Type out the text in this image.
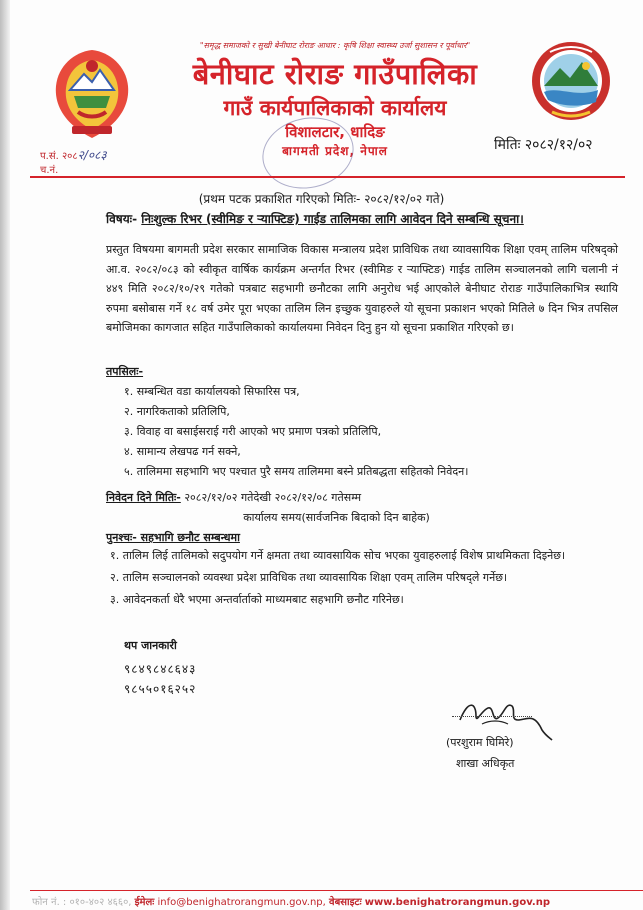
"समृद्ध समाजको र सुखी बेनीघाट रोराङ आधार : कृषि शिक्षा स्वास्थ्य उर्जा सुशासन र पूर्वाधार"
बेनीघाट रोराङ गाउँपालिका
गाउँ कार्यपालिकाको कार्यालय
विशालटार, धादिङ
बागमती प्रदेश, नेपाल
प.सं. २०८२/०८३
च.नं.
मितिः २०८२/१२/०२
(प्रथम पटक प्रकाशित गरिएको मितिः- २०८२/१२/०२ गते)
विषयः- निःशुल्क रिभर (स्वीमिङ र ऱ्याफ्टिङ) गाईड तालिमका लागि आवेदन दिने सम्बन्धि सूचना।

प्रस्तुत विषयमा बागमती प्रदेश सरकार सामाजिक विकास मन्त्रालय प्रदेश प्राविधिक तथा व्यावसायिक शिक्षा एवम् तालिम परिषद्को आ.व. २०८२/०८३ को स्वीकृत वार्षिक कार्यक्रम अन्तर्गत रिभर (स्वीमिङ र ऱ्याफ्टिङ) गाईड तालिम सञ्चालनको लागि चलानी नं ४४९ मिति २०८२/१०/२९ गतेको पत्रबाट सहभागी छनौटका लागि अनुरोध भई आएकोले बेनीघाट रोराङ गाउँपालिकाभित्र स्थायि रुपमा बसोबास गर्ने १८ वर्ष उमेर पूरा भएका तालिम लिन इच्छुक युवाहरुले यो सूचना प्रकाशन भएको मितिले ७ दिन भित्र तपसिल बमोजिमका कागजात सहित गाउँपालिकाको कार्यालयमा निवेदन दिनु हुन यो सूचना प्रकाशित गरिएको छ।

तपसिलः-
१. सम्बन्धित वडा कार्यालयको सिफारिस पत्र,
२. नागरिकताको प्रतिलिपि,
३. विवाह वा बसाईसराई गरी आएको भए प्रमाण पत्रको प्रतिलिपि,
४. सामान्य लेखपढ गर्न सक्ने,
५. तालिममा सहभागि भए पश्चात पुरै समय तालिममा बस्ने प्रतिबद्धता सहितको निवेदन।
निवेदन दिने मितिः- २०८२/१२/०२ गतेदेखी २०८२/१२/०८ गतेसम्म
कार्यालय समय(सार्वजनिक बिदाको दिन बाहेक)
पुनश्चः- सहभागि छनौट सम्बन्धमा
१. तालिम लिई तालिमको सदुपयोग गर्ने क्षमता तथा व्यावसायिक सोच भएका युवाहरुलाई विशेष प्राथमिकता दिइनेछ।
२. तालिम सञ्चालनको व्यवस्था प्रदेश प्राविधिक तथा व्यावसायिक शिक्षा एवम् तालिम परिषद्ले गर्नेछ।
३. आवेदनकर्ता धेरै भएमा अन्तर्वार्ताको माध्यमबाट सहभागि छनौट गरिनेछ।
थप जानकारी
९८४९८४८६४३
९८५५०१६२५२
(परशुराम घिमिरे)
शाखा अधिकृत
फोन नं. : ०१०-४०२ ४६६०, ईमेलः info@benighatrorangmun.gov.np, वेबसाइटः www.benighatrorangmun.gov.np
